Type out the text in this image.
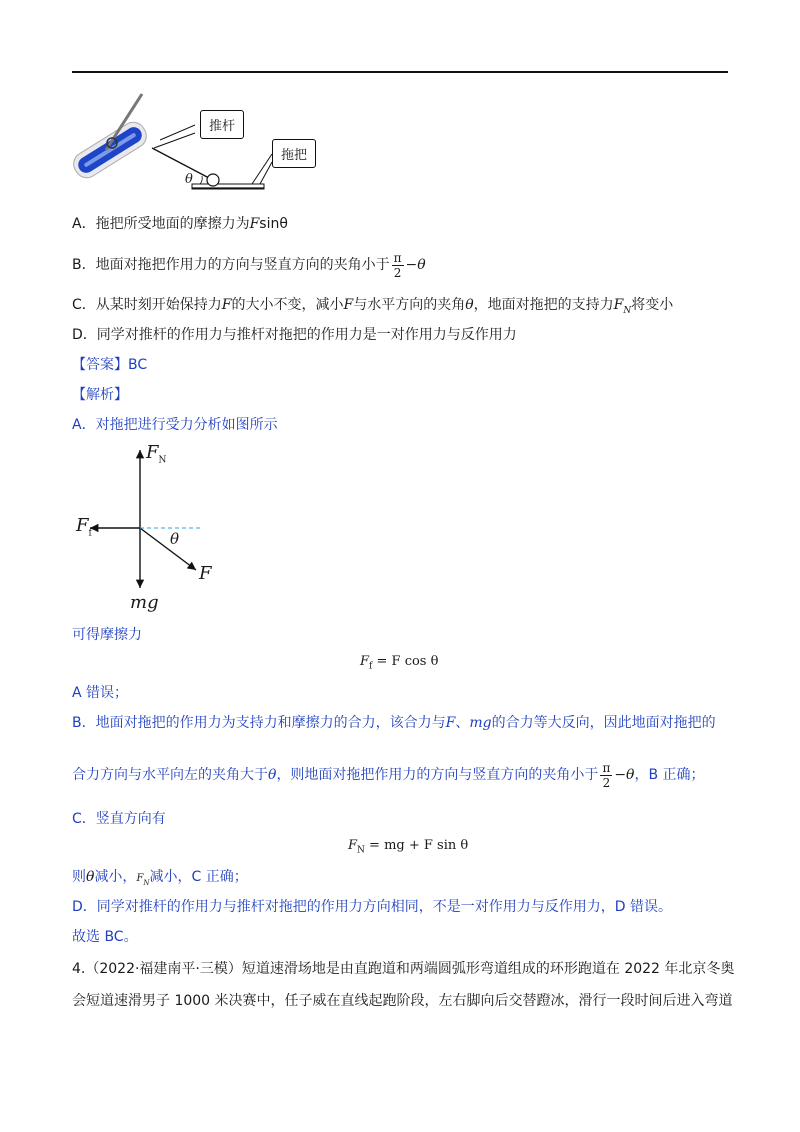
推杆
拖把
θ
A．拖把所受地面的摩擦力为Fsinθ
B．地面对拖把作用力的方向与竖直方向的夹角小于 $\frac{\pi}{2} -\theta$
C．从某时刻开始保持力F的大小不变，减小F与水平方向的夹角θ，地面对拖把的支持力$F_N$将变小
D．同学对推杆的作用力与推杆对拖把的作用力是一对作用力与反作用力
【答案】BC
【解析】
A．对拖把进行受力分析如图所示
$F_N$
$F_f$	θ
F
mg
可得摩擦力
$F_f = F$ cos θ
A 错误；
B．地面对拖把的作用力为支持力和摩擦力的合力，该合力与F、mg的合力等大反向，因此地面对拖把的
合力方向与水平向左的夹角大于θ，则地面对拖把作用力的方向与竖直方向的夹角小于 $\frac{\pi}{2} -\theta$，B 正确；
C．竖直方向有
$F_N$ = mg + F sin θ
则θ减小，$F_N$减小，C 正确；
D．同学对推杆的作用力与推杆对拖把的作用力方向相同，不是一对作用力与反作用力，D 错误。
故选 BC。
4.（2022·福建南平·三模）短道速滑场地是由直跑道和两端圆弧形弯道组成的环形跑道在 2022 年北京冬奥
会短道速滑男子 1000 米决赛中，任子威在直线起跑阶段，左右脚向后交替蹬冰，滑行一段时间后进入弯道
